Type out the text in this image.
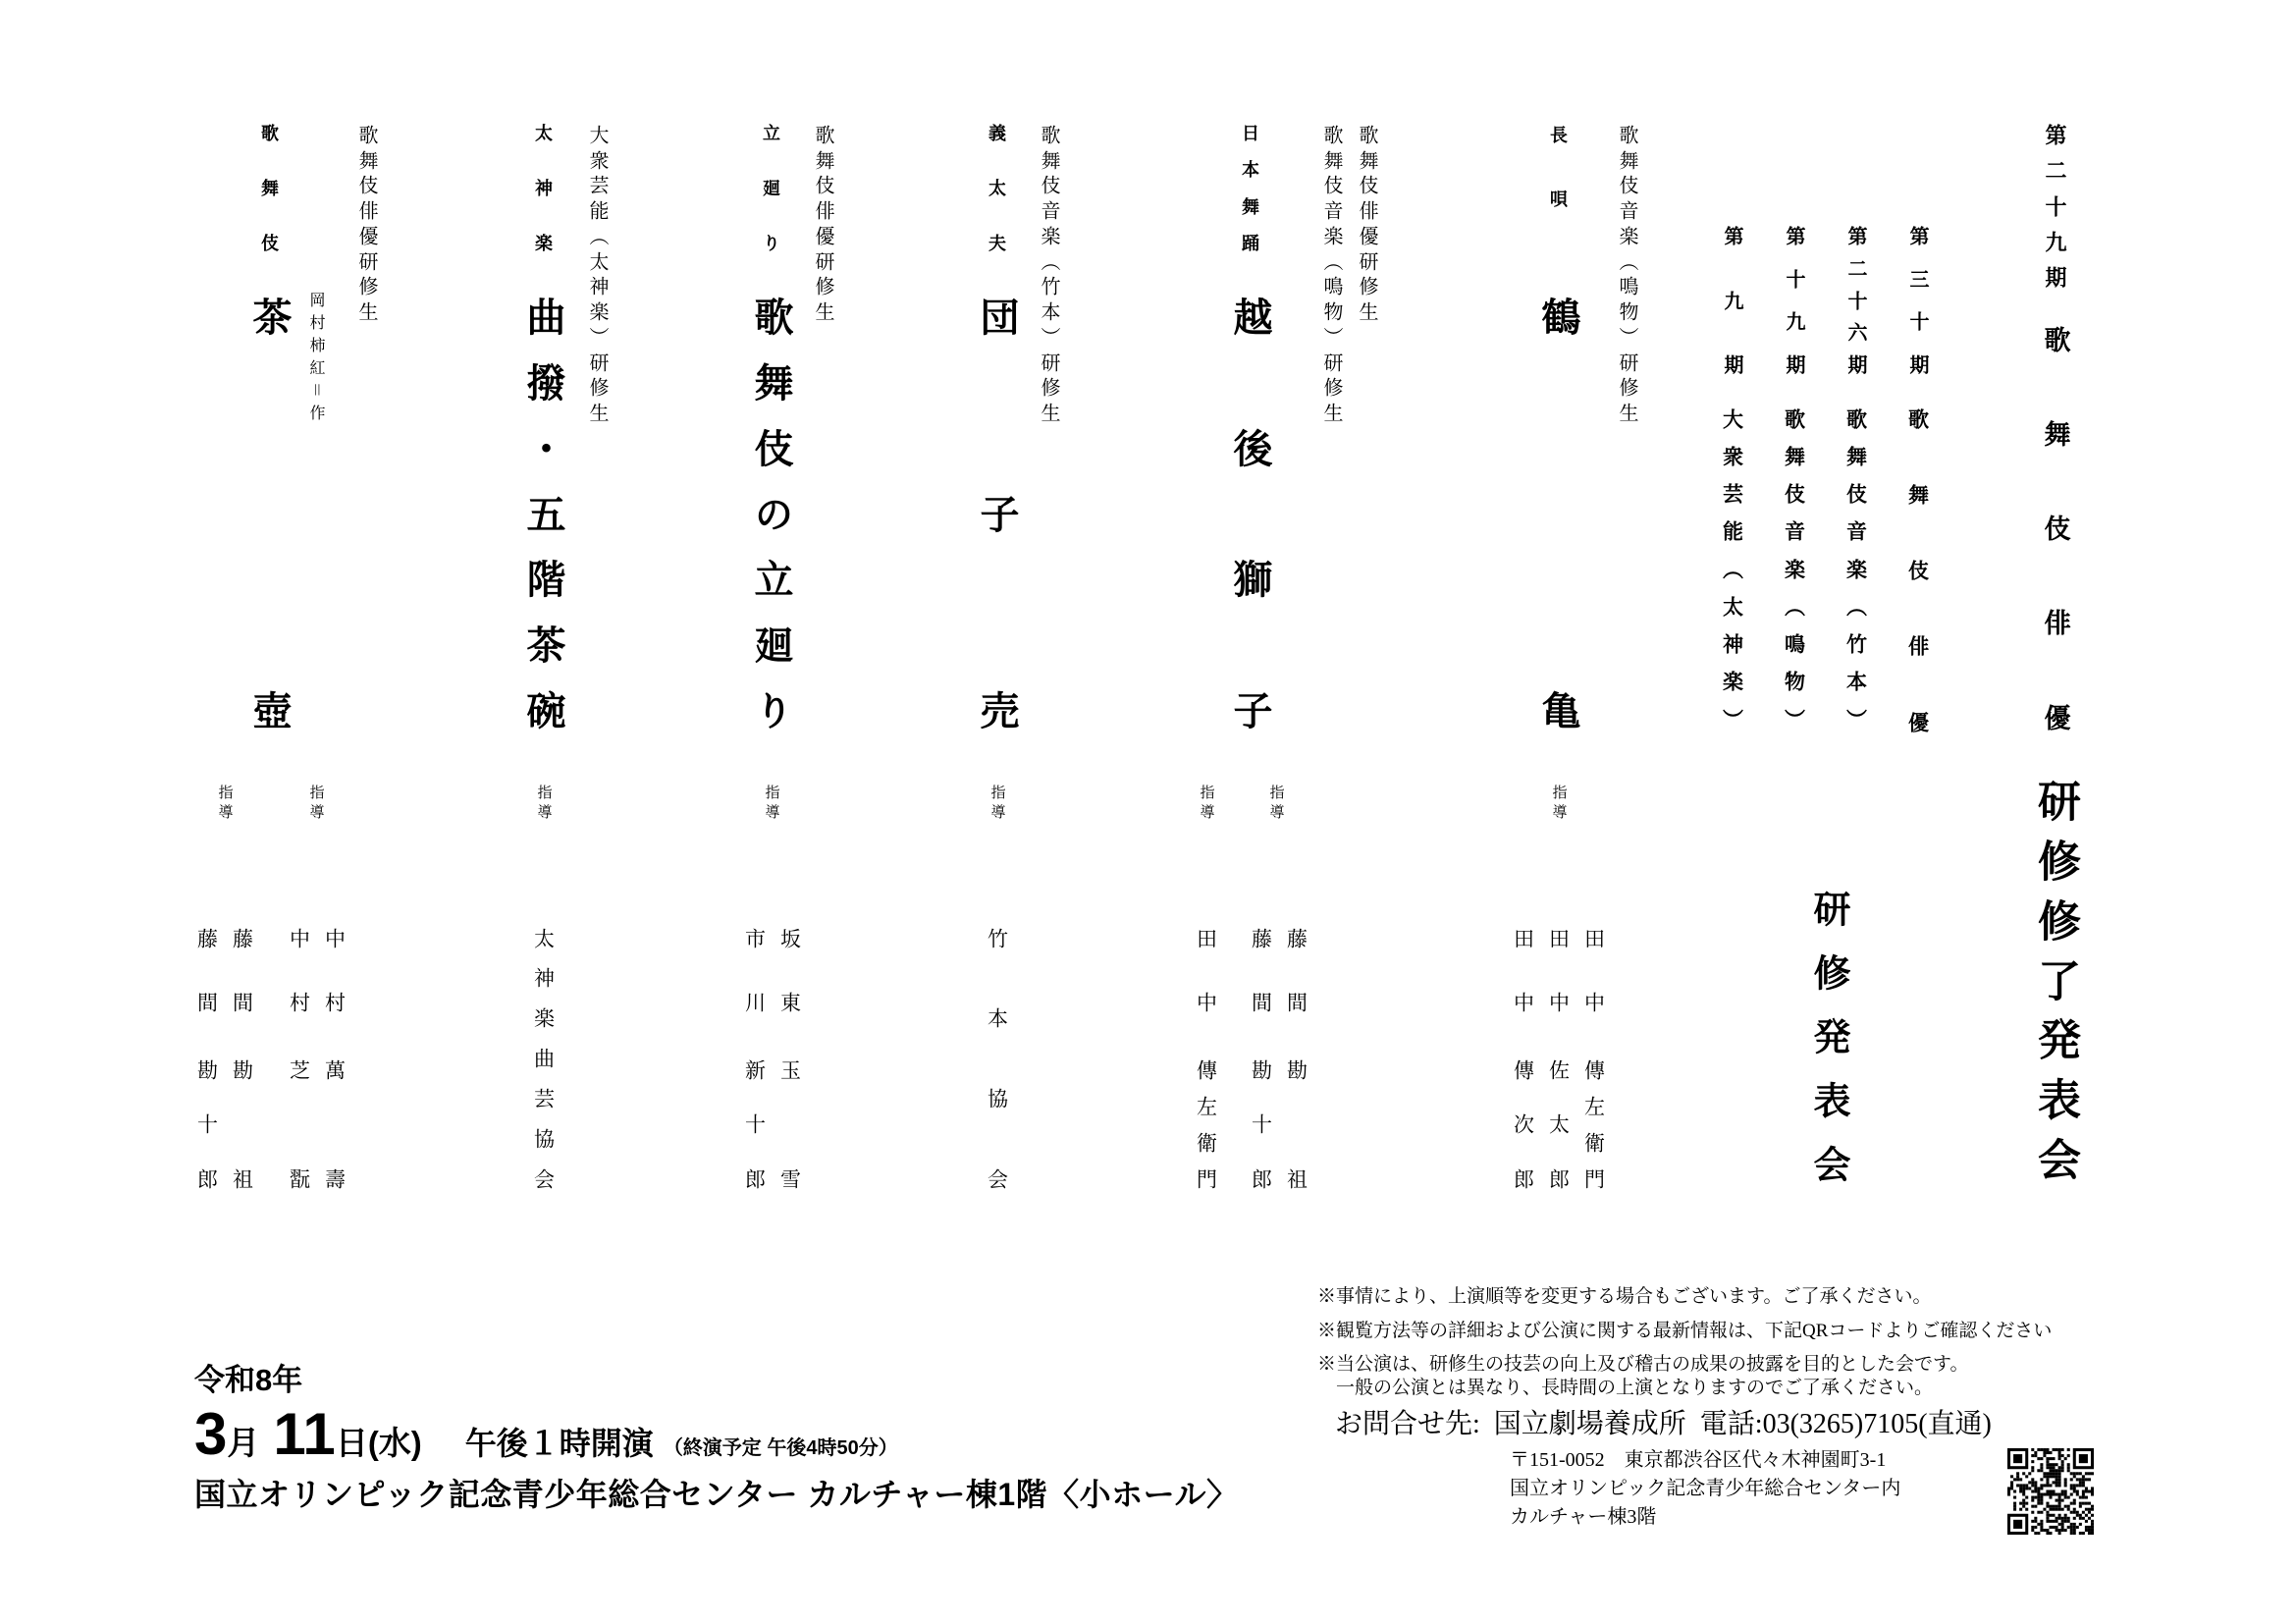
第
二
十
九
期
歌
舞
伎
俳
優
研
修
修
了
発
表
会
第
三
十
期
歌
舞
伎
俳
優
第
二
十
六
期
歌
舞
伎
音
楽
（
竹
本
）
第
十
九
期
歌
舞
伎
音
楽
（
鳴
物
）
第
九
期
大
衆
芸
能
（
太
神
楽
）
研
修
発
表
会
歌
舞
伎
音
楽
（
鳴
物
）
研
修
生
長
唄
鶴
亀
指
導
田
中
傳
左
衛
門
田
中
佐
太
郎
田
中
傳
次
郎
歌
舞
伎
俳
優
研
修
生
歌
舞
伎
音
楽
（
鳴
物
）
研
修
生
日
本
舞
踊
越
後
獅
子
指
導
指
導
藤
間
勘
祖
藤
間
勘
十
郎
田
中
傳
左
衛
門
歌
舞
伎
音
楽
（
竹
本
）
研
修
生
義
太
夫
団
子
売
指
導
竹
本
協
会
歌
舞
伎
俳
優
研
修
生
立
廻
り
歌
舞
伎
の
立
廻
り
指
導
坂
東
玉
雪
市
川
新
十
郎
大
衆
芸
能
（
太
神
楽
）
研
修
生
太
神
楽
曲
撥
・
五
階
茶
碗
指
導
太
神
楽
曲
芸
協
会
歌
舞
伎
俳
優
研
修
生
岡
村
柿
紅
＝
作
歌
舞
伎
茶
壺
指
導
指
導
中
村
萬
壽
中
村
芝
翫
藤
間
勘
祖
藤
間
勘
十
郎
令和8年
3 月 11 日 (水) 午後１時開演 （終演予定 午後4時50分）
国立オリンピック記念青少年総合センター カルチャー棟1階〈小ホール〉
※事情により、上演順等を変更する場合もございます。ご了承ください。
※観覧方法等の詳細および公演に関する最新情報は、下記QRコードよりご確認ください
※当公演は、研修生の技芸の向上及び稽古の成果の披露を目的とした会です。
　一般の公演とは異なり、長時間の上演となりますのでご了承ください。
お問合せ先: 国立劇場養成所 電話:03(3265)7105(直通)
〒151-0052　東京都渋谷区代々木神園町3-1
国立オリンピック記念青少年総合センター内
カルチャー棟3階
